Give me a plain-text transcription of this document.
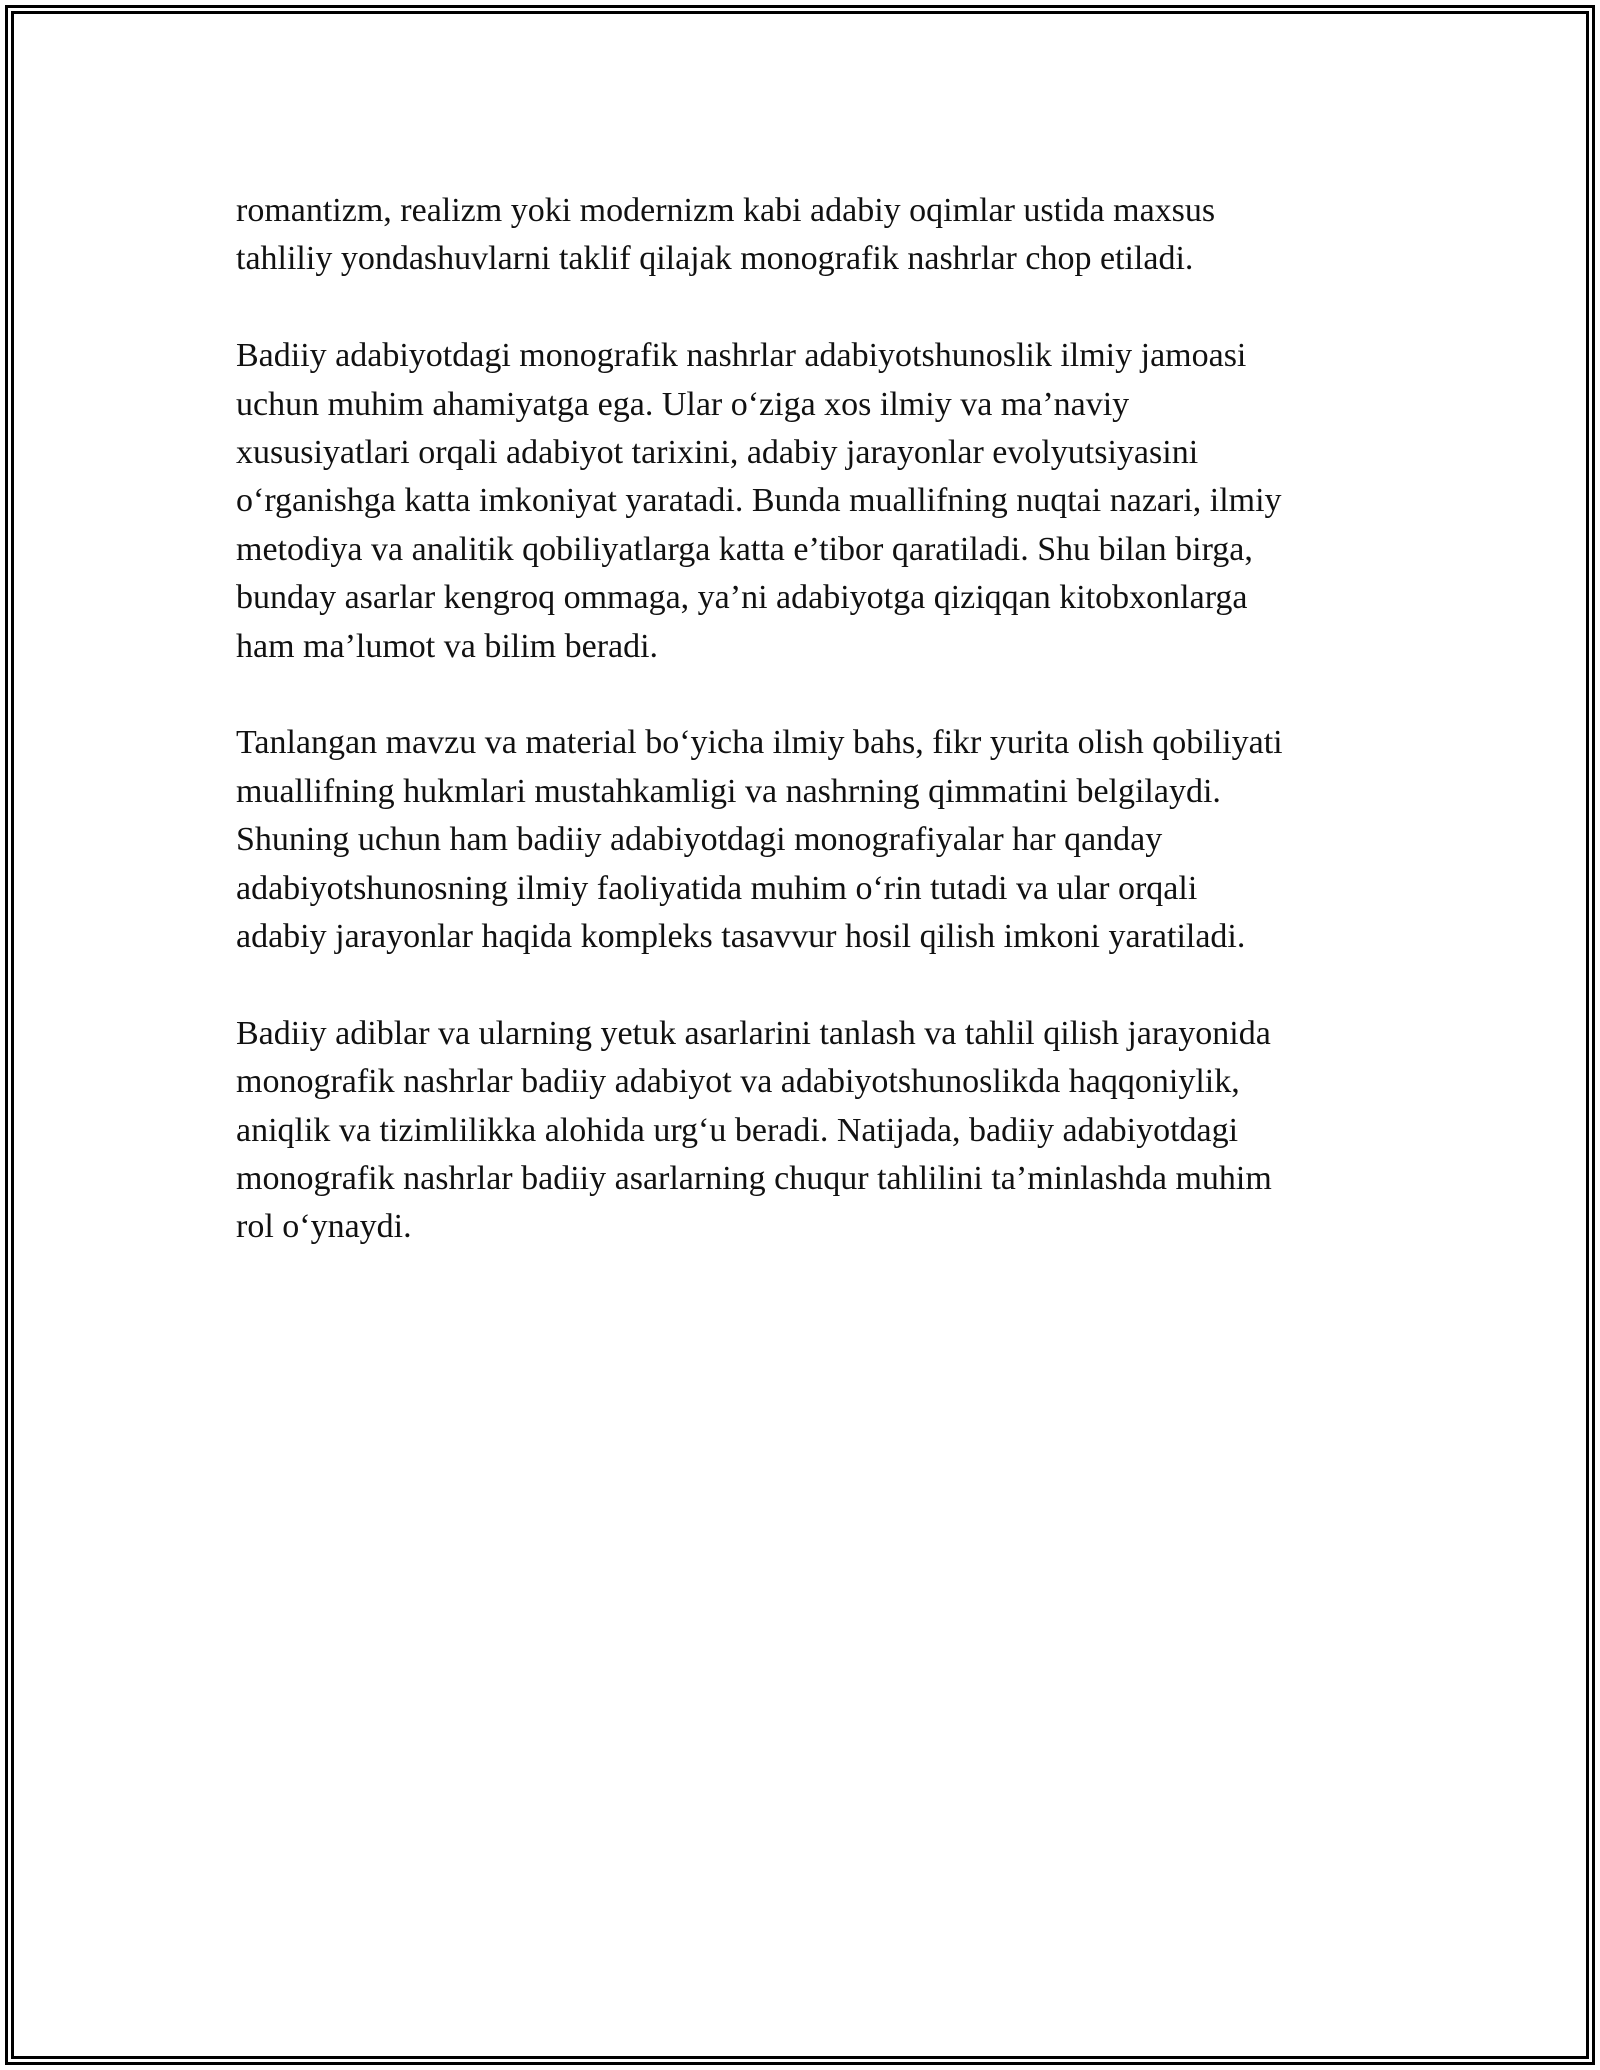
romantizm, realizm yoki modernizm kabi adabiy oqimlar ustida maxsus
tahliliy yondashuvlarni taklif qilajak monografik nashrlar chop etiladi.

Badiiy adabiyotdagi monografik nashrlar adabiyotshunoslik ilmiy jamoasi
uchun muhim ahamiyatga ega. Ular o‘ziga xos ilmiy va ma’naviy
xususiyatlari orqali adabiyot tarixini, adabiy jarayonlar evolyutsiyasini
o‘rganishga katta imkoniyat yaratadi. Bunda muallifning nuqtai nazari, ilmiy
metodiya va analitik qobiliyatlarga katta e’tibor qaratiladi. Shu bilan birga,
bunday asarlar kengroq ommaga, ya’ni adabiyotga qiziqqan kitobxonlarga
ham ma’lumot va bilim beradi.

Tanlangan mavzu va material bo‘yicha ilmiy bahs, fikr yurita olish qobiliyati
muallifning hukmlari mustahkamligi va nashrning qimmatini belgilaydi.
Shuning uchun ham badiiy adabiyotdagi monografiyalar har qanday
adabiyotshunosning ilmiy faoliyatida muhim o‘rin tutadi va ular orqali
adabiy jarayonlar haqida kompleks tasavvur hosil qilish imkoni yaratiladi.

Badiiy adiblar va ularning yetuk asarlarini tanlash va tahlil qilish jarayonida
monografik nashrlar badiiy adabiyot va adabiyotshunoslikda haqqoniylik,
aniqlik va tizimlilikka alohida urg‘u beradi. Natijada, badiiy adabiyotdagi
monografik nashrlar badiiy asarlarning chuqur tahlilini ta’minlashda muhim
rol o‘ynaydi.
